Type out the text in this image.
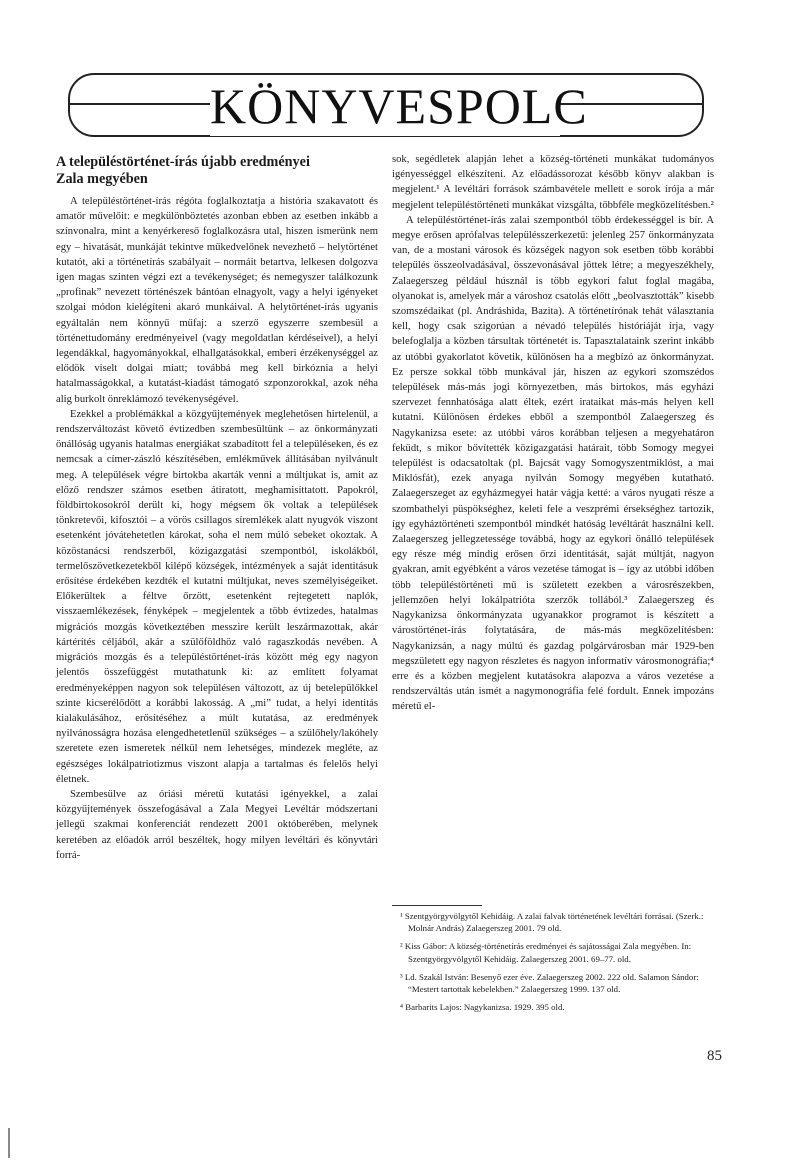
KÖNYVESPOLC
A településtörténet-írás újabb eredményei
Zala megyében

A településtörténet-írás régóta foglalkoztatja a história szakavatott és amatőr művelőit: e megkülönböztetés azonban ebben az esetben inkább a színvonalra, mint a kenyérkereső foglalkozásra utal, hiszen ismerünk nem egy – hivatását, munkáját tekintve műkedvelőnek nevezhető – helytörténet kutatót, aki a történetírás szabályait – normáit betartva, lelkesen dolgozva igen magas szinten végzi ezt a tevékenységet; és nemegyszer találkozunk „profinak” nevezett történészek bántóan elnagyolt, vagy a helyi igényeket szolgai módon kielégíteni akaró munkáival. A helytörténet-írás ugyanis egyáltalán nem könnyű műfaj: a szerző egyszerre szembesül a történettudomány eredményeivel (vagy megoldatlan kérdéseivel), a helyi legendákkal, hagyományokkal, elhallgatásokkal, emberi érzékenységgel az elődök viselt dolgai miatt; továbbá meg kell birkóznia a helyi hatalmasságokkal, a kutatást-kiadást támogató szponzorokkal, azok néha alig burkolt önreklámozó tevékenységével.

Ezekkel a problémákkal a közgyűjtemények meglehetősen hirtelenül, a rendszerváltozást követő évtizedben szembesültünk – az önkormányzati önállóság ugyanis hatalmas energiákat szabadított fel a településeken, és ez nemcsak a címer-zászló készítésében, emlékművek állításában nyilvánult meg. A települések végre birtokba akarták venni a múltjukat is, amit az előző rendszer számos esetben átiratott, meghamisíttatott. Papokról, földbirtokosokról derült ki, hogy mégsem ők voltak a települések tönkretevői, kifosztói – a vörös csillagos síremlékek alatt nyugvók viszont esetenként jóvátehetetlen károkat, soha el nem múló sebeket okoztak. A közöstanácsi rendszerből, közigazgatási szempontból, iskolákból, termelőszövetkezetekből kilépő községek, intézmények a saját identitásuk erősítése érdekében kezdték el kutatni múltjukat, neves személyiségeiket. Előkerültek a féltve őrzött, esetenként rejtegetett naplók, visszaemlékezések, fényképek – megjelentek a több évtizedes, hatalmas migrációs mozgás következtében messzire került leszármazottak, akár kártérítés céljából, akár a szülőföldhöz való ragaszkodás nevében. A migrációs mozgás és a településtörténet-írás között még egy nagyon jelentős összefüggést mutathatunk ki: az említett folyamat eredményeképpen nagyon sok településen változott, az új betelepülőkkel szinte kicserélődött a korábbi lakosság. A „mi” tudat, a helyi identitás kialakulásához, erősítéséhez a múlt kutatása, az eredmények nyilvánosságra hozása elengedhetetlenül szükséges – a szülőhely/lakóhely szeretete ezen ismeretek nélkül nem lehetséges, mindezek megléte, az egészséges lokálpatriotizmus viszont alapja a tartalmas és felelős helyi életnek.

Szembesülve az óriási méretű kutatási igényekkel, a zalai közgyűjtemények összefogásával a Zala Megyei Levéltár módszertani jellegű szakmai konferenciát rendezett 2001 októberében, melynek keretében az előadók arról beszéltek, hogy milyen levéltári és könyvtári forrá-

sok, segédletek alapján lehet a község-történeti munkákat tudományos igényességgel elkészíteni. Az előadássorozat később könyv alakban is megjelent.¹ A levéltári források számbavétele mellett e sorok írója a már megjelent településtörténeti munkákat vizsgálta, többféle megközelítésben.²

A településtörténet-írás zalai szempontból több érdekességgel is bír. A megye erősen aprófalvas településszerkezetű: jelenleg 257 önkormányzata van, de a mostani városok és községek nagyon sok esetben több korábbi település összeolvadásával, összevonásával jöttek létre; a megyeszékhely, Zalaegerszeg például húsznál is több egykori falut foglal magába, olyanokat is, amelyek már a városhoz csatolás előtt „beolvasztották” kisebb szomszédaikat (pl. Andráshida, Bazita). A történetírónak tehát választania kell, hogy csak szigorúan a névadó település históriáját írja, vagy belefoglalja a közben társultak történetét is. Tapasztalataink szerint inkább az utóbbi gyakorlatot követik, különösen ha a megbízó az önkormányzat. Ez persze sokkal több munkával jár, hiszen az egykori szomszédos települések más-más jogi környezetben, más birtokos, más egyházi szervezet fennhatósága alatt éltek, ezért irataikat más-más helyen kell kutatni. Különösen érdekes ebből a szempontból Zalaegerszeg és Nagykanizsa esete: az utóbbi város korábban teljesen a megyehatáron feküdt, s mikor bővítették közigazgatási határait, több Somogy megyei települést is odacsatoltak (pl. Bajcsát vagy Somogyszentmiklóst, a mai Miklósfát), ezek anyaga nyilván Somogy megyében kutatható. Zalaegerszeget az egyházmegyei határ vágja ketté: a város nyugati része a szombathelyi püspökséghez, keleti fele a veszprémi érsekséghez tartozik, így egyháztörténeti szempontból mindkét hatóság levéltárát használni kell. Zalaegerszeg jellegzetessége továbbá, hogy az egykori önálló települések egy része még mindig erősen őrzi identitását, saját múltját, nagyon gyakran, amit egyébként a város vezetése támogat is – így az utóbbi időben több településtörténeti mű is született ezekben a városrészekben, jellemzően helyi lokálpatrióta szerzők tollából.³ Zalaegerszeg és Nagykanizsa önkormányzata ugyanakkor programot is készített a várostörténet-írás folytatására, de más-más megközelítésben: Nagykanizsán, a nagy múltú és gazdag polgárvárosban már 1929-ben megszületett egy nagyon részletes és nagyon informatív városmonográfia;⁴ erre és a közben megjelent kutatásokra alapozva a város vezetése a rendszerváltás után ismét a nagymonográfia felé fordult. Ennek impozáns méretű el-

¹ Szentgyörgyvölgytől Kehidáig. A zalai falvak történetének levéltári forrásai. (Szerk.: Molnár András) Zalaegerszeg 2001. 79 old.

² Kiss Gábor: A község-történetírás eredményei és sajátosságai Zala megyében. In: Szentgyörgyvölgytől Kehidáig. Zalaegerszeg 2001. 69–77. old.

³ Ld. Szakál István: Besenyő ezer éve. Zalaegerszeg 2002. 222 old. Salamon Sándor: “Mestert tartottak kebelekben.” Zalaegerszeg 1999. 137 old.

⁴ Barbarits Lajos: Nagykanizsa. 1929. 395 old.

85
